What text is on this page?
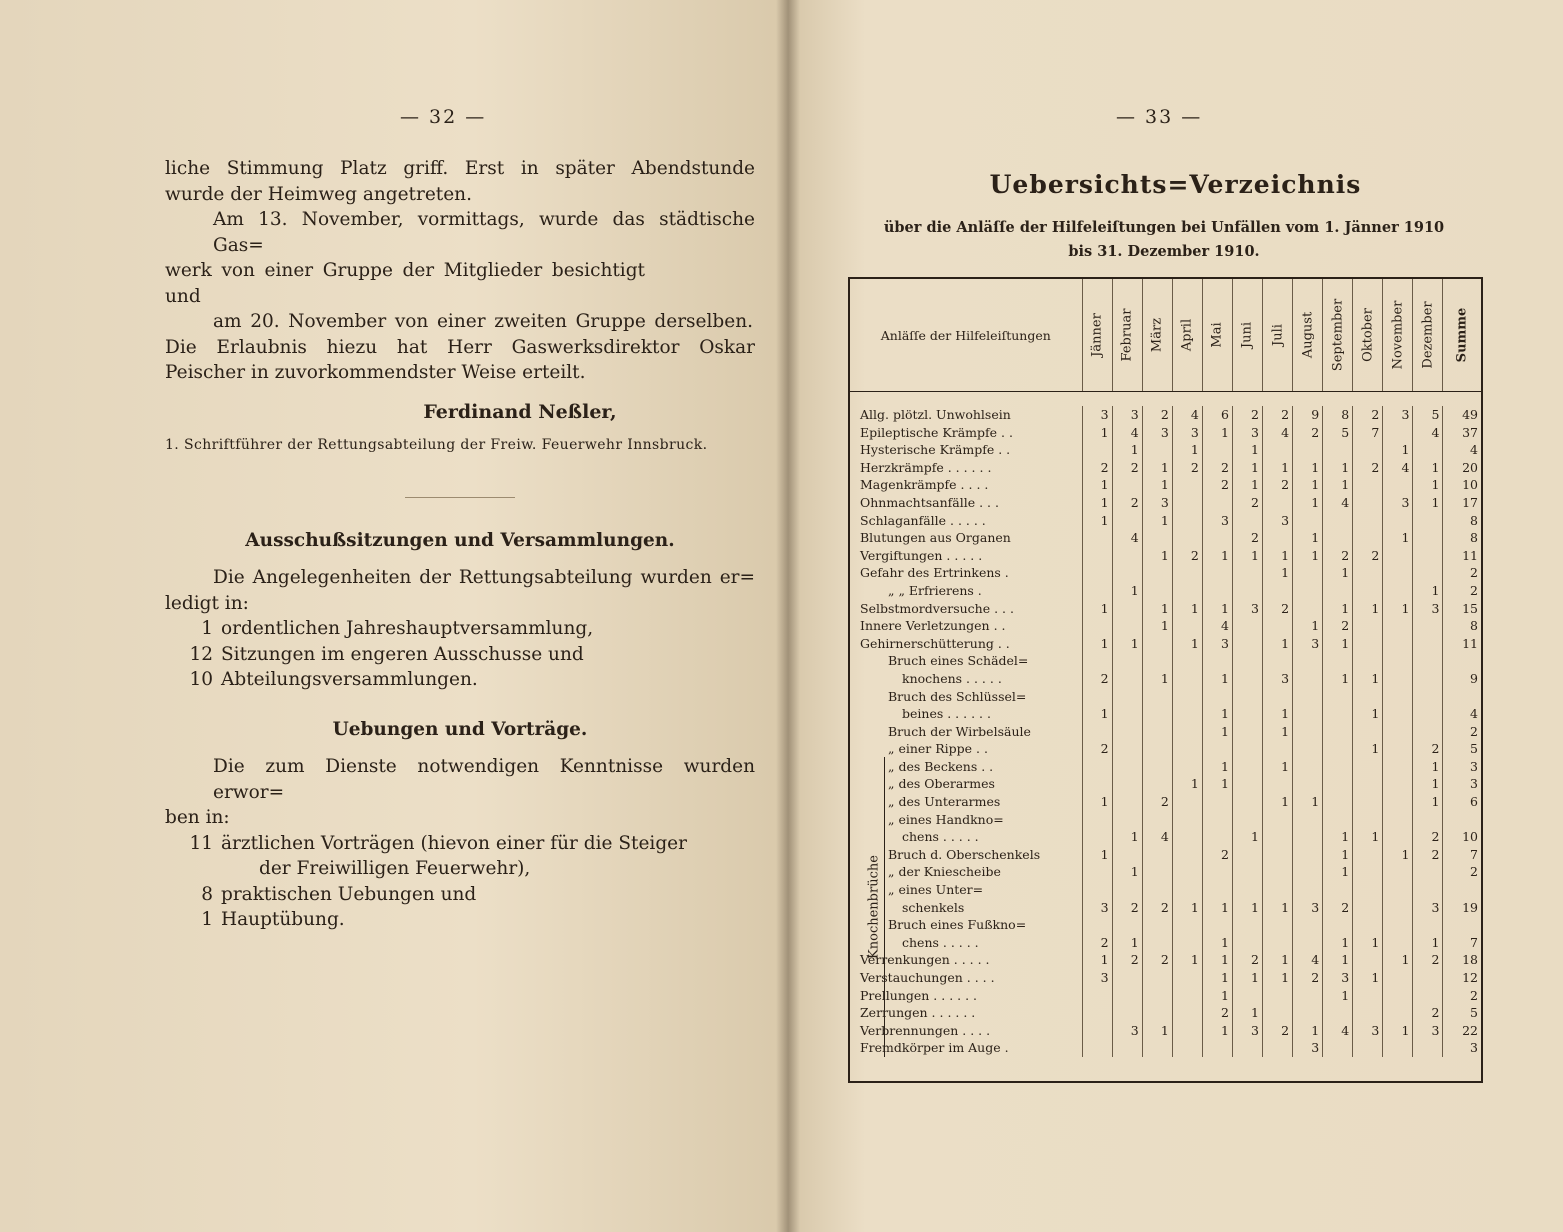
— 32 —

liche Stimmung Platz griff. Erst in später Abendstunde

wurde der Heimweg angetreten.

Am 13. November, vormittags, wurde das städtische Gas=

werk von einer Gruppe der Mitglieder besichtigt und

am 20. November von einer zweiten Gruppe derselben.

Die Erlaubnis hiezu hat Herr Gaswerksdirektor Oskar

Peischer in zuvorkommendster Weise erteilt.

Ferdinand Neßler,

1. Schriftführer der Rettungsabteilung der Freiw. Feuerwehr Innsbruck.

Ausschußsitzungen und Versammlungen.

Die Angelegenheiten der Rettungsabteilung wurden er=

ledigt in:

1 ordentlichen Jahreshauptversammlung,

12 Sitzungen im engeren Ausschusse und

10 Abteilungsversammlungen.

Uebungen und Vorträge.

Die zum Dienste notwendigen Kenntnisse wurden erwor=

ben in:

11 ärztlichen Vorträgen (hievon einer für die Steiger

der Freiwilligen Feuerwehr),

8 praktischen Uebungen und

1 Hauptübung.

— 33 —
Uebersichts=Verzeichnis
über die Anläſſe der Hilfeleiſtungen bei Unfällen vom 1. Jänner 1910
bis 31. Dezember 1910.
Knochenbrüche
Anläſſe der Hilfeleiſtungen	Jänner	Februar	März	April	Mai	Juni	Juli	August	September	Oktober	November	Dezember	Summe

Allg. plötzl. Unwohlsein	3	3	2	4	6	2	2	9	8	2	3	5	49
Epileptische Krämpfe . .	1	4	3	3	1	3	4	2	5	7		4	37
Hysterische Krämpfe . .		1		1		1					1		4
Herzkrämpfe . . . . . .	2	2	1	2	2	1	1	1	1	2	4	1	20
Magenkrämpfe . . . .	1		1		2	1	2	1	1			1	10
Ohnmachtsanfälle . . .	1	2	3			2		1	4		3	1	17
Schlaganfälle . . . . .	1		1		3		3						8
Blutungen aus Organen		4				2		1			1		8
Vergiftungen . . . . .			1	2	1	1	1	1	2	2			11
Gefahr des Ertrinkens .							1		1				2
„ „ Erfrierens .		1										1	2
Selbstmordversuche . . .	1		1	1	1	3	2		1	1	1	3	15
Innere Verletzungen . .			1		4			1	2				8
Gehirnerschütterung . .	1	1		1	3		1	3	1				11
Bruch eines Schädel=													
knochens . . . . .	2		1		1		3		1	1			9
Bruch des Schlüssel=													
beines . . . . . .	1				1		1			1			4
Bruch der Wirbelsäule					1		1						2
„ einer Rippe . .	2									1		2	5
„ des Beckens . .					1		1					1	3
„ des Oberarmes				1	1							1	3
„ des Unterarmes	1		2				1	1				1	6
„ eines Handkno=													
chens . . . . .		1	4			1			1	1		2	10
Bruch d. Oberschenkels	1				2				1		1	2	7
„ der Kniescheibe		1							1				2
„ eines Unter=													
schenkels	3	2	2	1	1	1	1	3	2			3	19
Bruch eines Fußkno=													
chens . . . . .	2	1			1				1	1		1	7
Verrenkungen . . . . .	1	2	2	1	1	2	1	4	1		1	2	18
Verstauchungen . . . .	3				1	1	1	2	3	1			12
Prellungen . . . . . .					1				1				2
Zerrungen . . . . . .					2	1						2	5
Verbrennungen . . . .		3	1		1	3	2	1	4	3	1	3	22
Fremdkörper im Auge .								3					3
